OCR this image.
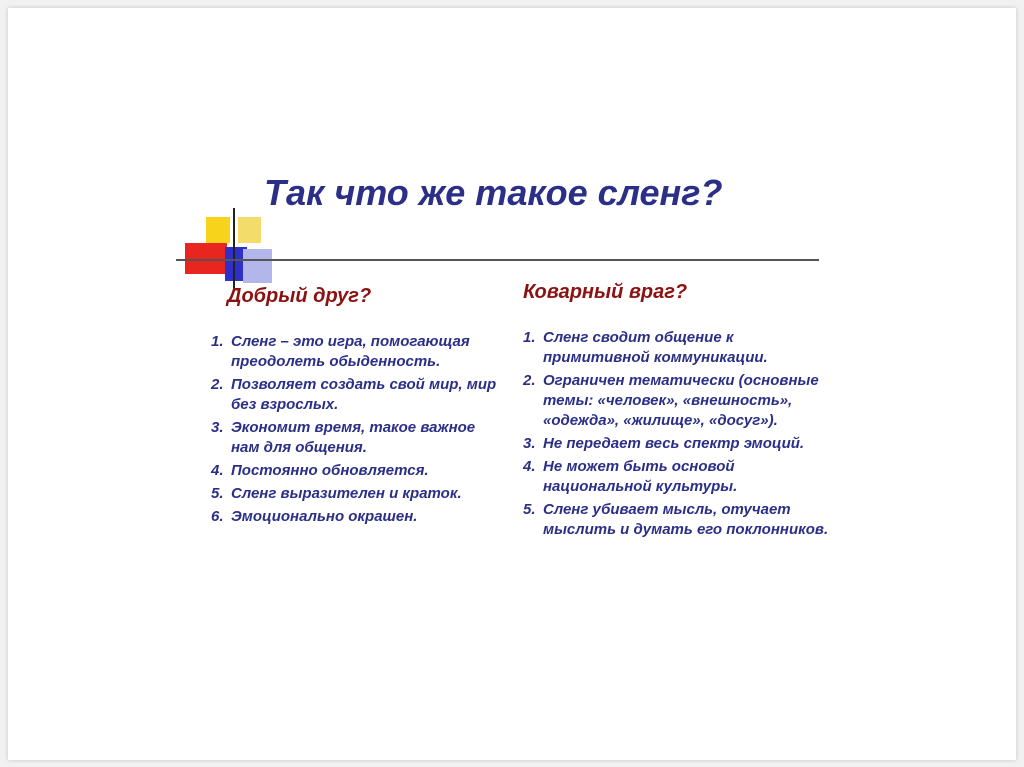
Так что же такое сленг?
Добрый друг?
1. Сленг – это игра, помогающая преодолеть обыденность.
2. Позволяет создать свой мир, мир без взрослых.
3. Экономит время, такое важное нам для общения.
4. Постоянно обновляется.
5. Сленг выразителен и краток.
6. Эмоционально окрашен.
Коварный враг?
1. Сленг сводит общение к примитивной коммуникации.
2. Ограничен тематически (основные темы: «человек», «внешность», «одежда», «жилище», «досуг»).
3. Не передает весь спектр эмоций.
4. Не может быть основой национальной культуры.
5. Сленг убивает мысль, отучает мыслить и думать его поклонников.
